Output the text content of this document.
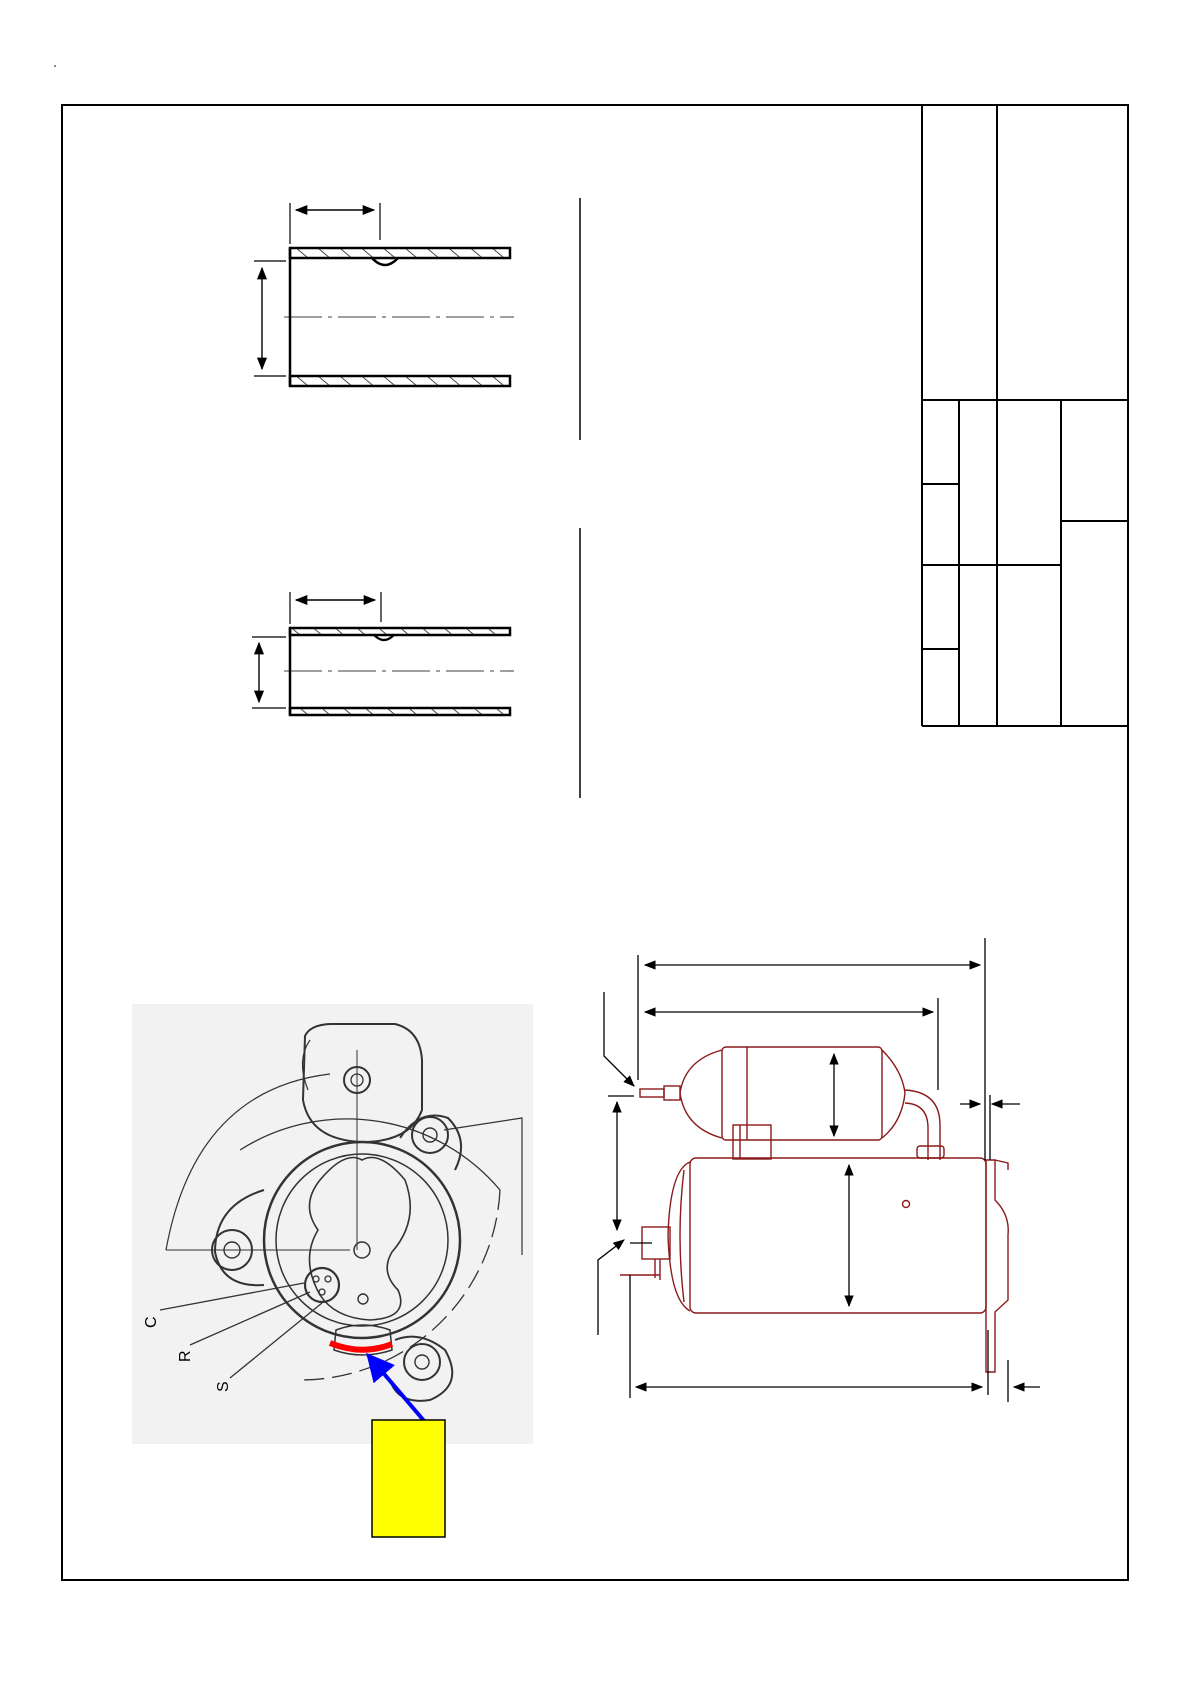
C
R
S
